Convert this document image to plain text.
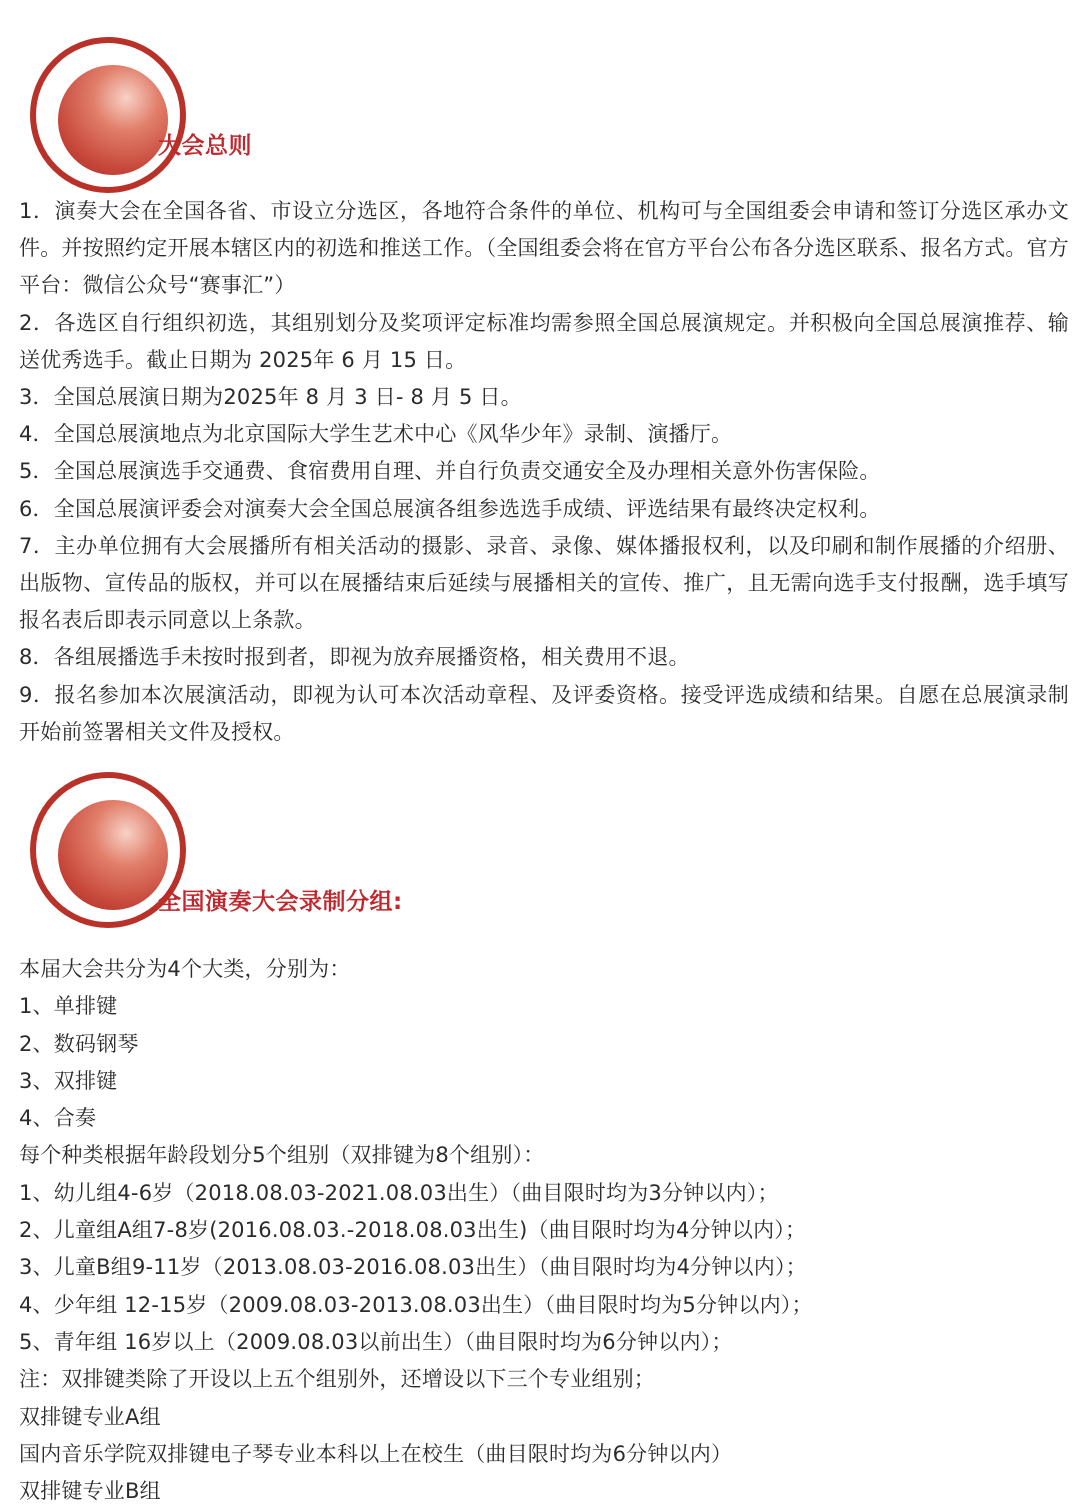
大会总则

1．演奏大会在全国各省、市设立分选区，各地符合条件的单位、机构可与全国组委会申请和签订分选区承办文件。并按照约定开展本辖区内的初选和推送工作。（全国组委会将在官方平台公布各分选区联系、报名方式。官方平台：微信公众号“赛事汇”）

2．各选区自行组织初选，其组别划分及奖项评定标准均需参照全国总展演规定。并积极向全国总展演推荐、输送优秀选手。截止日期为 2025年 6 月 15 日。

3．全国总展演日期为2025年 8 月 3 日- 8 月 5 日。

4．全国总展演地点为北京国际大学生艺术中心《风华少年》录制、演播厅。

5．全国总展演选手交通费、食宿费用自理、并自行负责交通安全及办理相关意外伤害保险。

6．全国总展演评委会对演奏大会全国总展演各组参选选手成绩、评选结果有最终决定权利。

7．主办单位拥有大会展播所有相关活动的摄影、录音、录像、媒体播报权利，以及印刷和制作展播的介绍册、出版物、宣传品的版权，并可以在展播结束后延续与展播相关的宣传、推广，且无需向选手支付报酬，选手填写报名表后即表示同意以上条款。

8．各组展播选手未按时报到者，即视为放弃展播资格，相关费用不退。

9．报名参加本次展演活动，即视为认可本次活动章程、及评委资格。接受评选成绩和结果。自愿在总展演录制开始前签署相关文件及授权。

全国演奏大会录制分组:

本届大会共分为4个大类，分别为：

1、单排键

2、数码钢琴

3、双排键

4、合奏

每个种类根据年龄段划分5个组别（双排键为8个组别）：

1、幼儿组4-6岁（2018.08.03-2021.08.03出生）（曲目限时均为3分钟以内）；

2、儿童组A组7-8岁(2016.08.03.-2018.08.03出生)（曲目限时均为4分钟以内）；

3、儿童B组9-11岁（2013.08.03-2016.08.03出生）（曲目限时均为4分钟以内）；

4、少年组 12-15岁（2009.08.03-2013.08.03出生）（曲目限时均为5分钟以内）；

5、青年组 16岁以上（2009.08.03以前出生）（曲目限时均为6分钟以内）；

注：双排键类除了开设以上五个组别外，还增设以下三个专业组别；

双排键专业A组

国内音乐学院双排键电子琴专业本科以上在校生（曲目限时均为6分钟以内）

双排键专业B组
